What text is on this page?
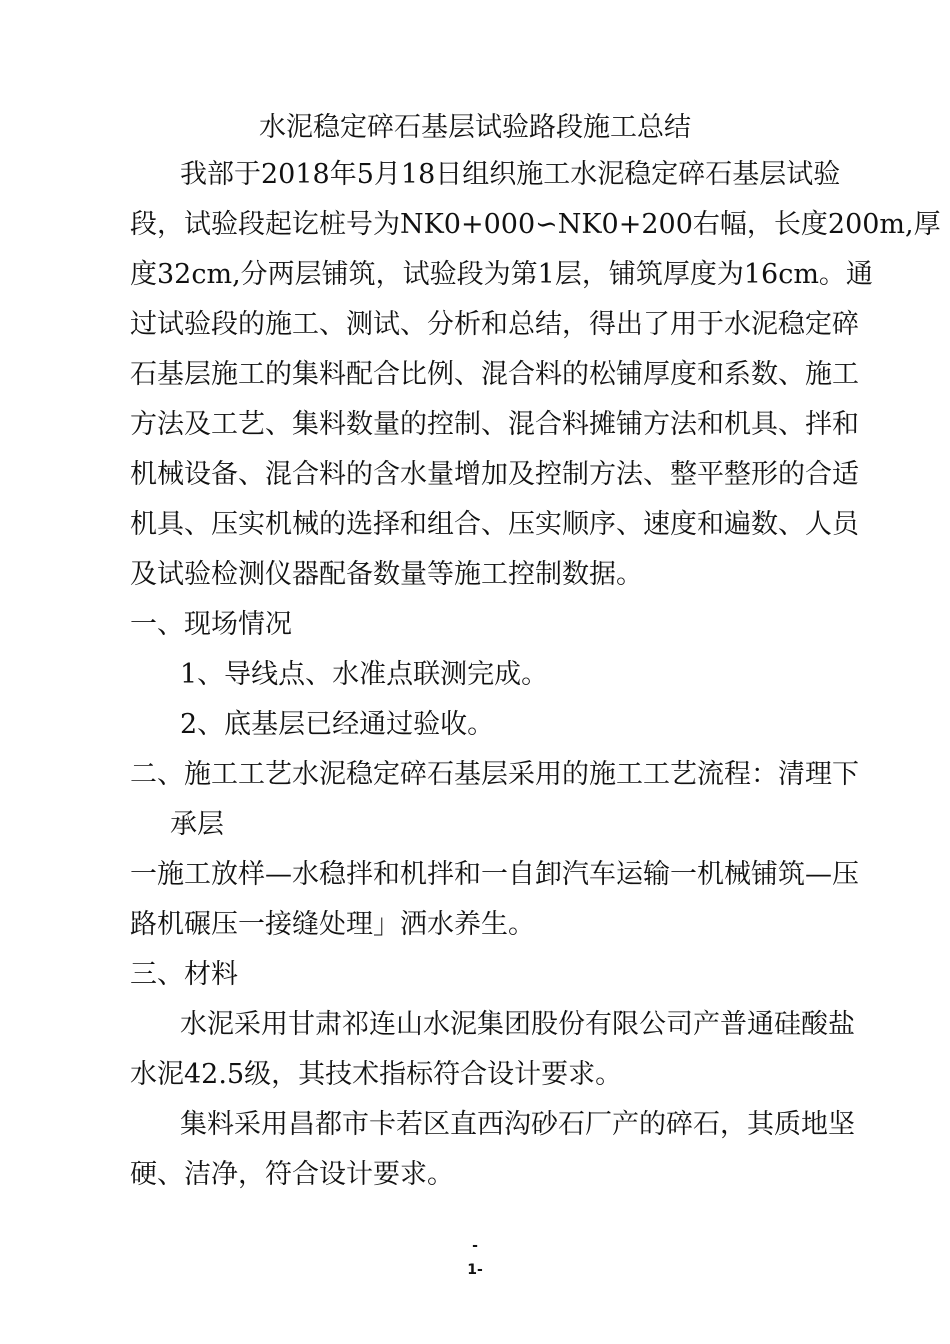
水泥稳定碎石基层试验路段施工总结
我部于2018年5月18日组织施工水泥稳定碎石基层试验
段，试验段起讫桩号为NK0+000∽NK0+200右幅，长度200m,厚
度32cm,分两层铺筑，试验段为第1层，铺筑厚度为16cm。通
过试验段的施工、测试、分析和总结，得出了用于水泥稳定碎
石基层施工的集料配合比例、混合料的松铺厚度和系数、施工
方法及工艺、集料数量的控制、混合料摊铺方法和机具、拌和
机械设备、混合料的含水量增加及控制方法、整平整形的合适
机具、压实机械的选择和组合、压实顺序、速度和遍数、人员
及试验检测仪器配备数量等施工控制数据。
一、现场情况
1、导线点、水准点联测完成。
2、底基层已经通过验收。
二、施工工艺水泥稳定碎石基层采用的施工工艺流程：清理下
承层
一施工放样—水稳拌和机拌和一自卸汽车运输一机械铺筑—压
路机碾压一接缝处理」洒水养生。
三、材料
水泥采用甘肃祁连山水泥集团股份有限公司产普通硅酸盐
水泥42.5级，其技术指标符合设计要求。
集料采用昌都市卡若区直西沟砂石厂产的碎石，其质地坚
硬、洁净，符合设计要求。
-
1-
